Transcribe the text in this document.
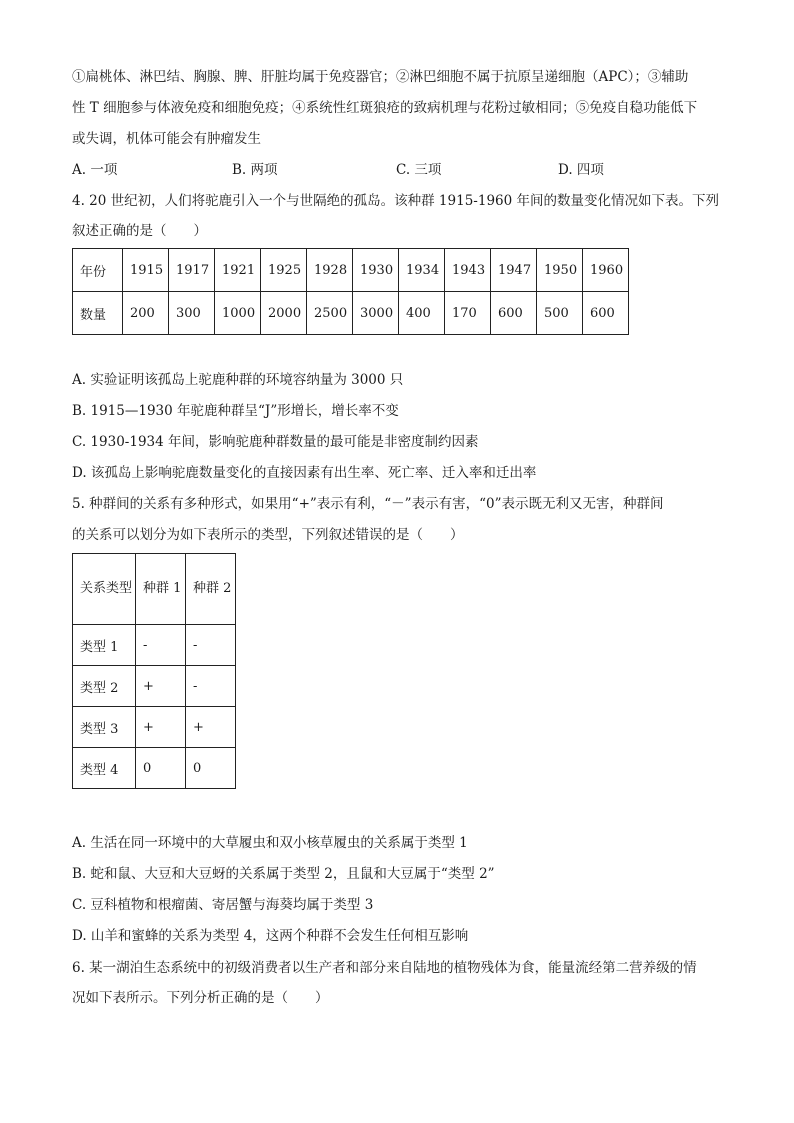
①扁桃体、淋巴结、胸腺、脾、肝脏均属于免疫器官；②淋巴细胞不属于抗原呈递细胞（APC）；③辅助
性 T 细胞参与体液免疫和细胞免疫；④系统性红斑狼疮的致病机理与花粉过敏相同；⑤免疫自稳功能低下
或失调，机体可能会有肿瘤发生
A. 一项	B. 两项	C. 三项	D. 四项
4. 20 世纪初，人们将驼鹿引入一个与世隔绝的孤岛。该种群 1915-1960 年间的数量变化情况如下表。下列
叙述正确的是（　　）
年份	1915	1917	1921	1925	1928	1930	1934	1943	1947	1950	1960
数量	200	300	1000	2000	2500	3000	400	170	600	500	600
A. 实验证明该孤岛上驼鹿种群的环境容纳量为 3000 只
B. 1915—1930 年驼鹿种群呈“J”形增长，增长率不变
C. 1930-1934 年间，影响驼鹿种群数量的最可能是非密度制约因素
D. 该孤岛上影响驼鹿数量变化的直接因素有出生率、死亡率、迁入率和迁出率
5. 种群间的关系有多种形式，如果用“+”表示有利，“－”表示有害，“0”表示既无利又无害，种群间
的关系可以划分为如下表所示的类型，下列叙述错误的是（　　）
关系类型	种群 1	种群 2
类型 1	-	-
类型 2	+	-
类型 3	+	+
类型 4	0	0
A. 生活在同一环境中的大草履虫和双小核草履虫的关系属于类型 1
B. 蛇和鼠、大豆和大豆蚜的关系属于类型 2，且鼠和大豆属于“类型 2”
C. 豆科植物和根瘤菌、寄居蟹与海葵均属于类型 3
D. 山羊和蜜蜂的关系为类型 4，这两个种群不会发生任何相互影响
6. 某一湖泊生态系统中的初级消费者以生产者和部分来自陆地的植物残体为食，能量流经第二营养级的情
况如下表所示。下列分析正确的是（　　）
